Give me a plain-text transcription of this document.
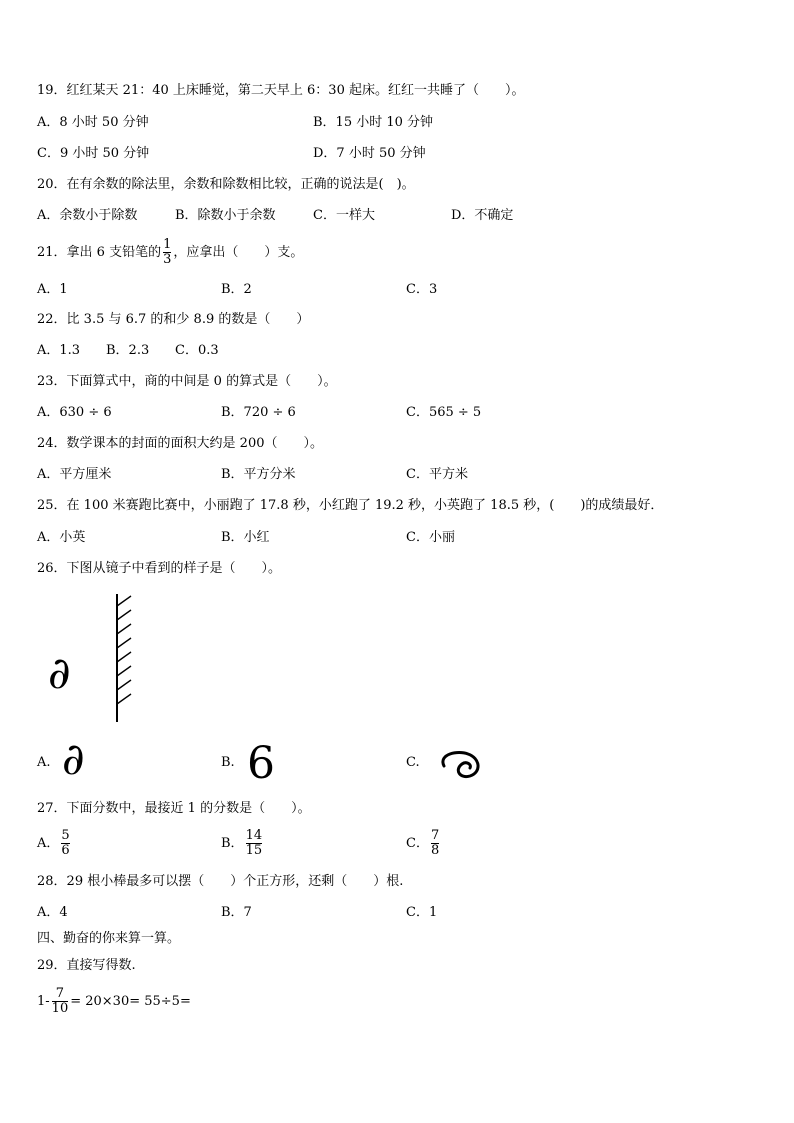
19．红红某天 21：40 上床睡觉，第二天早上 6：30 起床。红红一共睡了（　　）。
A．8 小时 50 分钟	B．15 小时 10 分钟
C．9 小时 50 分钟	D．7 小时 50 分钟
20．在有余数的除法里，余数和除数相比较，正确的说法是(　)。
A．余数小于除数	B．除数小于余数	C．一样大	D．不确定
21．拿出 6 支铅笔的 $\frac{1}{3}$ ，应拿出（　　）支。
A．1	B．2	C．3
22．比 3.5 与 6.7 的和少 8.9 的数是（　　）
A．1.3 B．2.3 C．0.3
23．下面算式中，商的中间是 0 的算式是（　　）。
A．630 ÷ 6	B．720 ÷ 6	C．565 ÷ 5
24．数学课本的封面的面积大约是 200（　　）。
A．平方厘米	B．平方分米	C．平方米
25．在 100 米赛跑比赛中，小丽跑了 17.8 秒，小红跑了 19.2 秒，小英跑了 18.5 秒，(　　)的成绩最好．
A．小英	B．小红	C．小丽
26．下图从镜子中看到的样子是（　　）。
∂
A. ∂	B. 6	C.
27．下面分数中，最接近 1 的分数是（　　）。
A． $\frac{5}{6}$	B． $\frac{14}{15}$	C． $\frac{7}{8}$
28．29 根小棒最多可以摆（　　）个正方形，还剩（　　）根.
A．4	B．7	C．1
四、勤奋的你来算一算。
29．直接写得数.
$1- \frac{7}{10} = 20\times 30= 55\div 5=$
